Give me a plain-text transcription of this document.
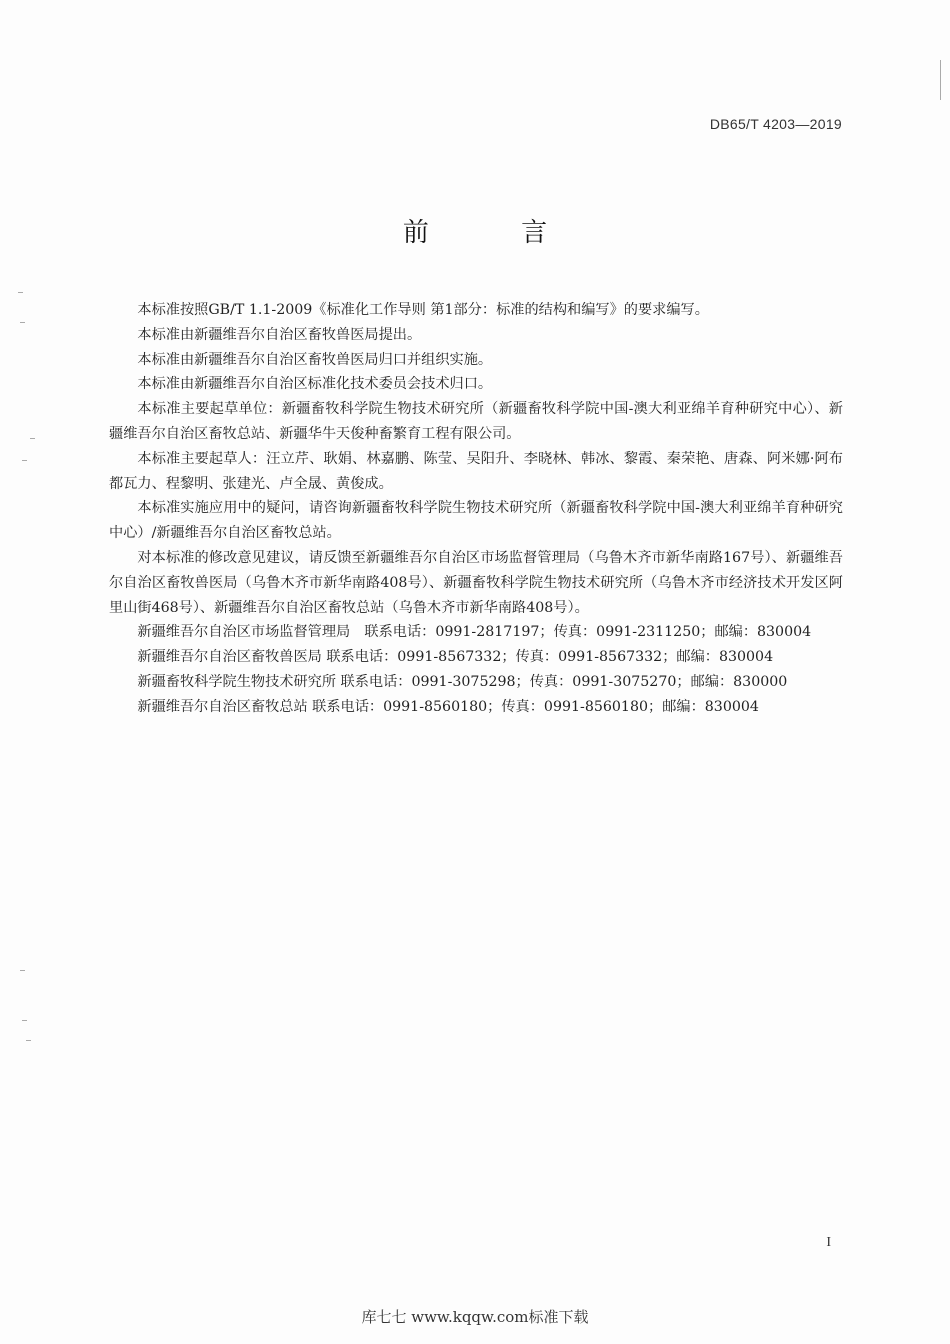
DB65/T 4203—2019
前 言

本标准按照GB/T 1.1-2009《标准化工作导则 第1部分：标准的结构和编写》的要求编写。

本标准由新疆维吾尔自治区畜牧兽医局提出。

本标准由新疆维吾尔自治区畜牧兽医局归口并组织实施。

本标准由新疆维吾尔自治区标准化技术委员会技术归口。

本标准主要起草单位：新疆畜牧科学院生物技术研究所（新疆畜牧科学院中国-澳大利亚绵羊育种研究中心）、新疆维吾尔自治区畜牧总站、新疆华牛天俊种畜繁育工程有限公司。

本标准主要起草人：汪立芹、耿娟、林嘉鹏、陈莹、吴阳升、李晓林、韩冰、黎霞、秦荣艳、唐森、阿米娜·阿布都瓦力、程黎明、张建光、卢全晟、黄俊成。

本标准实施应用中的疑问，请咨询新疆畜牧科学院生物技术研究所（新疆畜牧科学院中国-澳大利亚绵羊育种研究中心）/新疆维吾尔自治区畜牧总站。

对本标准的修改意见建议，请反馈至新疆维吾尔自治区市场监督管理局（乌鲁木齐市新华南路167号）、新疆维吾尔自治区畜牧兽医局（乌鲁木齐市新华南路408号）、新疆畜牧科学院生物技术研究所（乌鲁木齐市经济技术开发区阿里山街468号）、新疆维吾尔自治区畜牧总站（乌鲁木齐市新华南路408号）。

新疆维吾尔自治区市场监督管理局　联系电话：0991-2817197；传真：0991-2311250；邮编：830004

新疆维吾尔自治区畜牧兽医局 联系电话：0991-8567332；传真：0991-8567332；邮编：830004

新疆畜牧科学院生物技术研究所 联系电话：0991-3075298；传真：0991-3075270；邮编：830000

新疆维吾尔自治区畜牧总站 联系电话：0991-8560180；传真：0991-8560180；邮编：830004

I
库七七 www.kqqw.com标准下载
